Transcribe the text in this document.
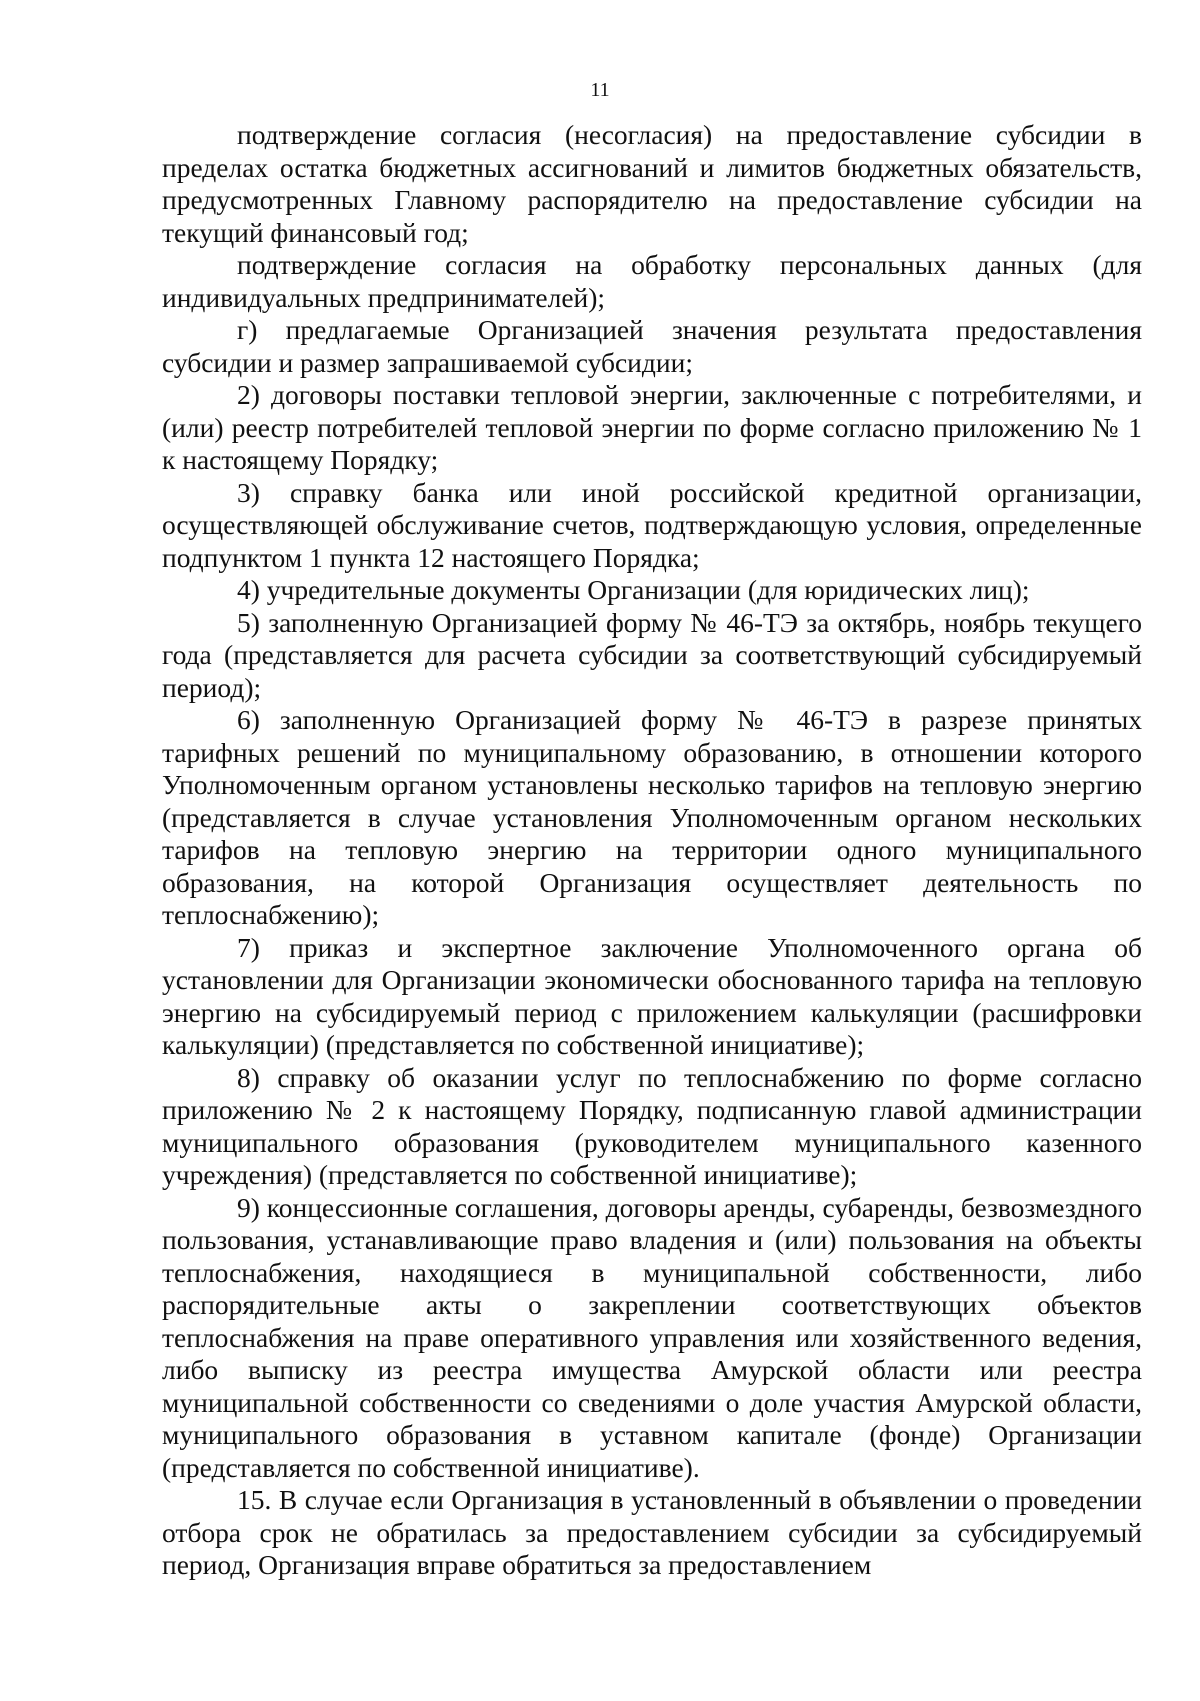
11

подтверждение согласия (несогласия) на предоставление субсидии в пределах остатка бюджетных ассигнований и лимитов бюджетных обязательств, предусмотренных Главному распорядителю на предоставление субсидии на текущий финансовый год;

подтверждение согласия на обработку персональных данных (для индивидуальных предпринимателей);

г) предлагаемые Организацией значения результата предоставления субсидии и размер запрашиваемой субсидии;

2) договоры поставки тепловой энергии, заключенные с потребителями, и (или) реестр потребителей тепловой энергии по форме согласно приложению № 1 к настоящему Порядку;

3) справку банка или иной российской кредитной организации, осуществляющей обслуживание счетов, подтверждающую условия, определенные подпунктом 1 пункта 12 настоящего Порядка;

4) учредительные документы Организации (для юридических лиц);

5) заполненную Организацией форму № 46-ТЭ за октябрь, ноябрь текущего года (представляется для расчета субсидии за соответствующий субсидируемый период);

6) заполненную Организацией форму № 46-ТЭ в разрезе принятых тарифных решений по муниципальному образованию, в отношении которого Уполномоченным органом установлены несколько тарифов на тепловую энергию (представляется в случае установления Уполномоченным органом нескольких тарифов на тепловую энергию на территории одного муниципального образования, на которой Организация осуществляет деятельность по теплоснабжению);

7) приказ и экспертное заключение Уполномоченного органа об установлении для Организации экономически обоснованного тарифа на тепловую энергию на субсидируемый период с приложением калькуляции (расшифровки калькуляции) (представляется по собственной инициативе);

8) справку об оказании услуг по теплоснабжению по форме согласно приложению № 2 к настоящему Порядку, подписанную главой администрации муниципального образования (руководителем муниципального казенного учреждения) (представляется по собственной инициативе);

9) концессионные соглашения, договоры аренды, субаренды, безвозмездного пользования, устанавливающие право владения и (или) пользования на объекты теплоснабжения, находящиеся в муниципальной собственности, либо распорядительные акты о закреплении соответствующих объектов теплоснабжения на праве оперативного управления или хозяйственного ведения, либо выписку из реестра имущества Амурской области или реестра муниципальной собственности со сведениями о доле участия Амурской области, муниципального образования в уставном капитале (фонде) Организации (представляется по собственной инициативе).

15. В случае если Организация в установленный в объявлении о проведении отбора срок не обратилась за предоставлением субсидии за субсидируемый период, Организация вправе обратиться за предоставлением
